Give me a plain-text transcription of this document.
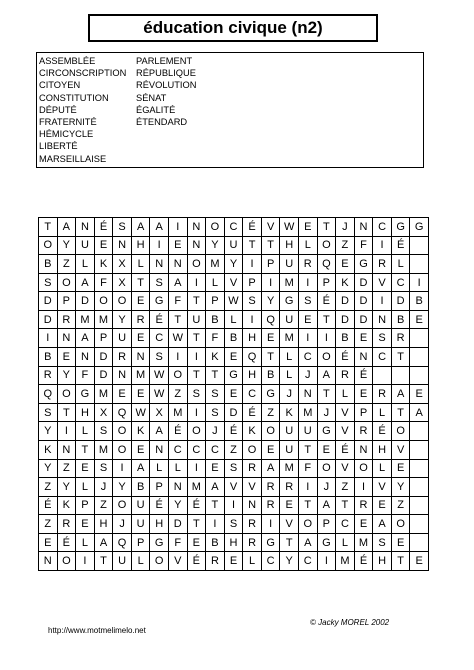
éducation civique (n2)
ASSEMBLÉE
CIRCONSCRIPTION
CITOYEN
CONSTITUTION
DÉPUTÉ
FRATERNITÉ
HÉMICYCLE
LIBERTÉ
MARSEILLAISE
PARLEMENT
RÉPUBLIQUE
RÉVOLUTION
SÉNAT
ÉGALITÉ
ÉTENDARD
T	A N É	S	A	A	I	N O C É	V W E	T	J	N C G G
O Y U E N H	I	E N Y U	T	T	H	L	O Z	F	I	É
B	Z	L	K	X	L	N N O M Y	I	P U R Q E G R	L
S O A	F	X	T	S	A	I	L	V	P	I	M	I	P	K D V C	I
D P D O O E G F	T	P W S	Y G S	É D D	I	D B
D R M M Y R É	T	U B	L	I	Q U E	T	D D N B	E
I	N A	P U E C W T	F	B H E M	I	I	B	E	S R
B	E N D R N S	I	I	K	E Q T	L	C O É N C	T
R Y	F	D N M W O T	T G H B	L	J	A R É
Q O G M E	E W Z	S	S	E C G	J	N	T	L	E R A	E
S	T	H X Q W X M	I	S D É	Z	K M	J	V	P	L	T	A
Y	I	L	S O K	A	É O	J	É	K O U U G V R É O
K N	T M O E N C C C	Z O E U	T	E	É N H V
Y	Z	E	S	I	A	L	L	I	E	S R A M F O V O	L	E
Z	Y	L	J	Y	B	P N M A	V	V R R	I	J	Z	I	V	Y
É	K	P	Z O U É	Y	É	T	I	N R E	T	A	T	R E	Z
Z	R E H	J	U H D	T	I	S R	I	V O P C E	A O
E	É	L	A Q P G F	E	B H R G T	A G	L M S	E
N O	I	T	U	L	O V	É R E	L	C Y C	I	M É H	T	E
http://www.motmelimelo.net
© Jacky MOREL 2002
